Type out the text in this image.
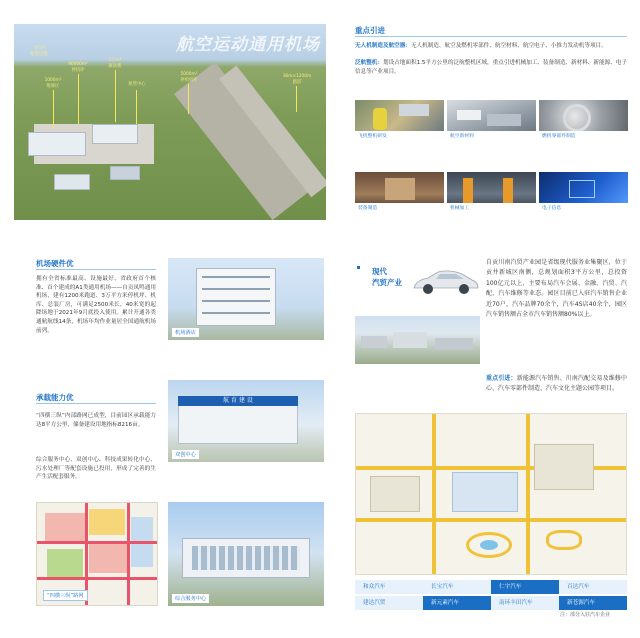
航空运动通用机场
1000m²
维修区
飞行区
配套设施
90000m²
停机坪
2万m²
航站楼
航管中心
5000m²
停机机库
30m×1200m
跑道
重点引进
无人机制造及航空器：无人机制造、航空及燃机零部件、航空材料、航空电子、小推力发动机等项目。
泛航整机：划设占地面积1.5平方公里的泛航整机区域，重点引进机械加工、装备制造、新材料、新能源、电子信息等产业项目。
飞机整机研发	航空新材料	燃机零部件制造
装备制造	机械加工	电子信息
机场硬件优
拥有全省标准最高、设施最好、省政府首个核准、首个建成的A1类通用机场——自贡凤鸣通用机场，建有1200米跑道、3万平方米停机坪、机库、总装厂房，可满足2500米长、40米宽的起降场地于2021年9月底投入使用。累计开通各类通航航线14条，机场年均作业量居全国通航机场前列。
承载能力优
“四横三纵”内部路网已成型，目前园区承载能力达8平方公里，储备建设用地指标8216亩。
综合服务中心、双创中心、科技成果转化中心、污水处理厂等配套设施已投用，形成了完善的生产生活配套服务。
“四横三纵”路网
机场酒店
航 育 建 设
双创中心
综合服务中心
现代
汽贸产业
自贡川南汽贸产业园是省级现代服务业集聚区，位于贡井新城区南侧，总规划面积3平方公里，总投资100亿元以上，主要布局汽车会展、金融、汽贸、汽配、汽车维修等业态。园区目前已入驻汽车销售企业近70户，汽车品牌70余个，汽车4S店40余个，园区汽车销售额占全市汽车销售额80%以上。
重点引进：新能源汽车销售、川南汽配交易及维修中心、汽车零部件制造、汽车文化主题公园等项目。
和众汽车	长宝汽车	仁宇汽车	百达汽车
建达汽贸	新元素汽车	南环丰田汽车	新苍源汽车
注：部分入驻汽车企业
